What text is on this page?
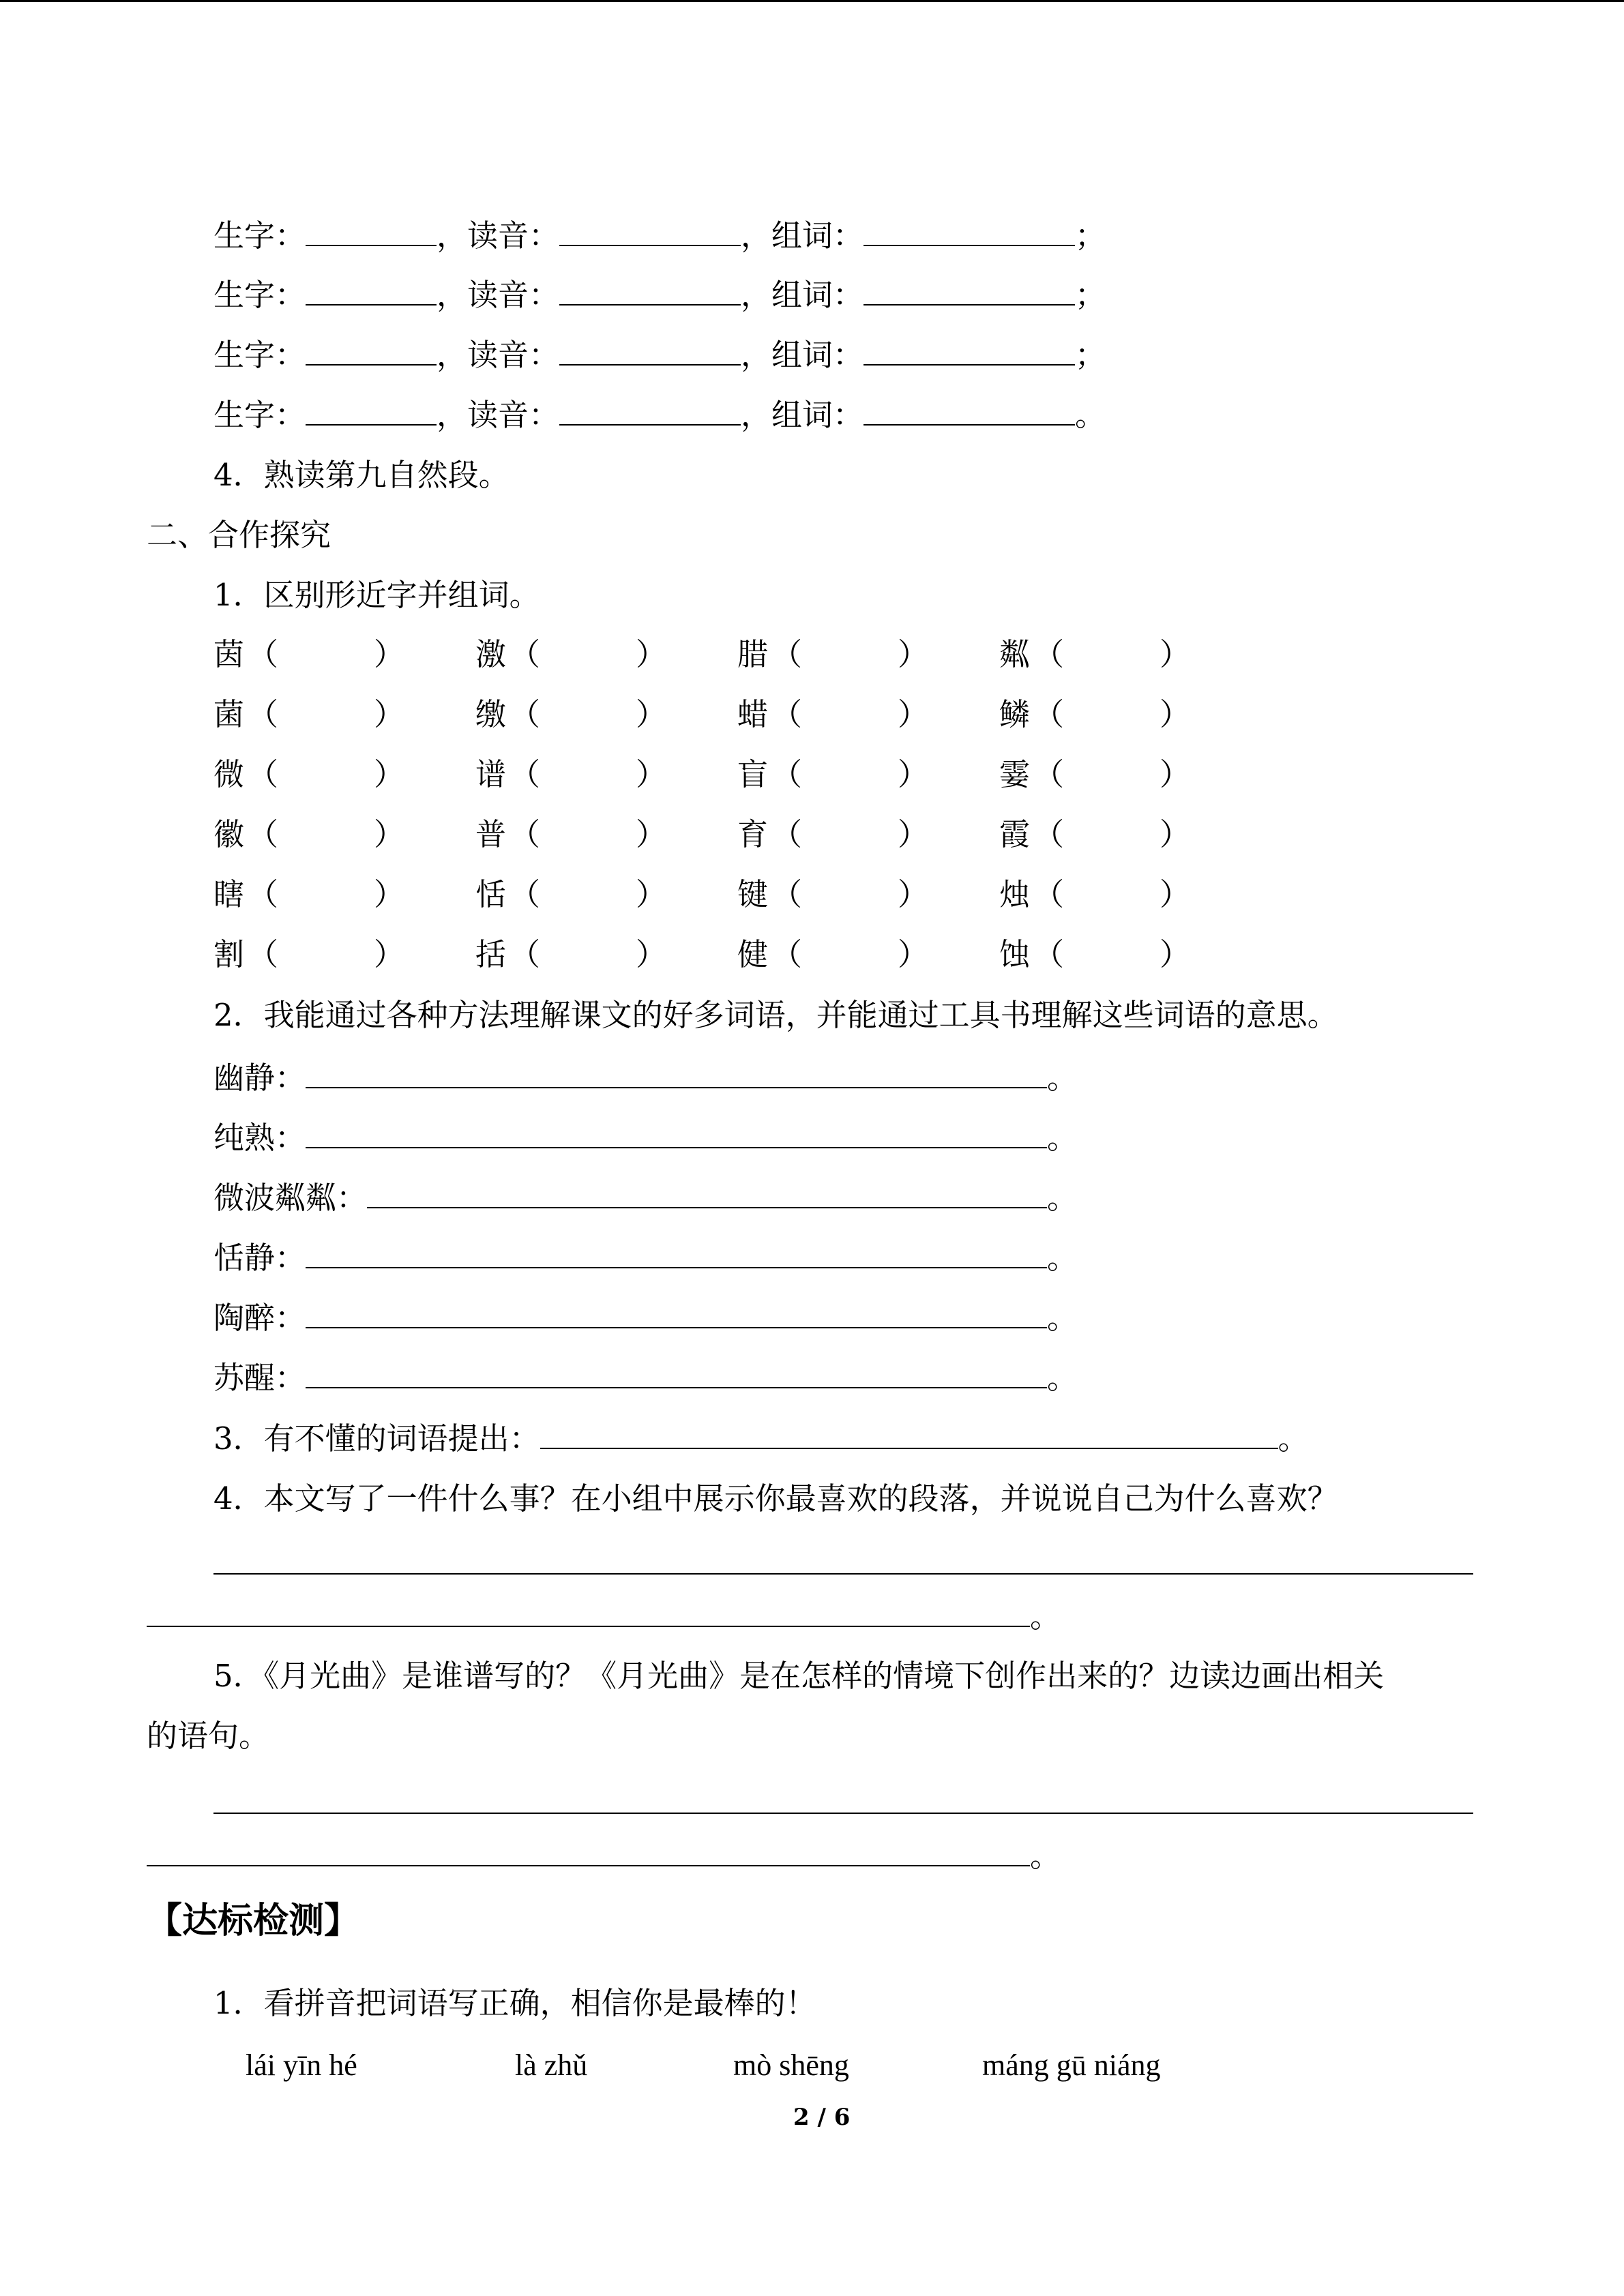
生字：	，读音：	，组词：	；
生字：	，读音：	，组词：	；
生字：	，读音：	，组词：	；
生字：	，读音：	，组词：	。
4．熟读第九自然段。
二、合作探究
1．区别形近字并组词。
茵 （	） 激 （	） 腊 （	） 粼 （	）
菌 （	） 缴 （	） 蜡 （	） 鳞 （	）
微 （	） 谱 （	） 盲 （	） 霎 （	）
徽 （	） 普 （	） 育 （	） 霞 （	）
瞎 （	） 恬 （	） 键 （	） 烛 （	）
割 （	） 括 （	） 健 （	） 蚀 （	）
2．我能通过各种方法理解课文的好多词语，并能通过工具书理解这些词语的意思。
幽静：	。
纯熟：	。
微波粼粼：	。
恬静：	。
陶醉：	。
苏醒：	。
3．有不懂的词语提出：	。
4．本文写了一件什么事？在小组中展示你最喜欢的段落，并说说自己为什么喜欢？
。
5．《月光曲》是谁谱写的？《月光曲》是在怎样的情境下创作出来的？边读边画出相关
的语句。
。
【达标检测】
1．看拼音把词语写正确，相信你是最棒的！
lái yīn hé	là zhǔ	mò shēng	máng gū niáng
2 / 6
